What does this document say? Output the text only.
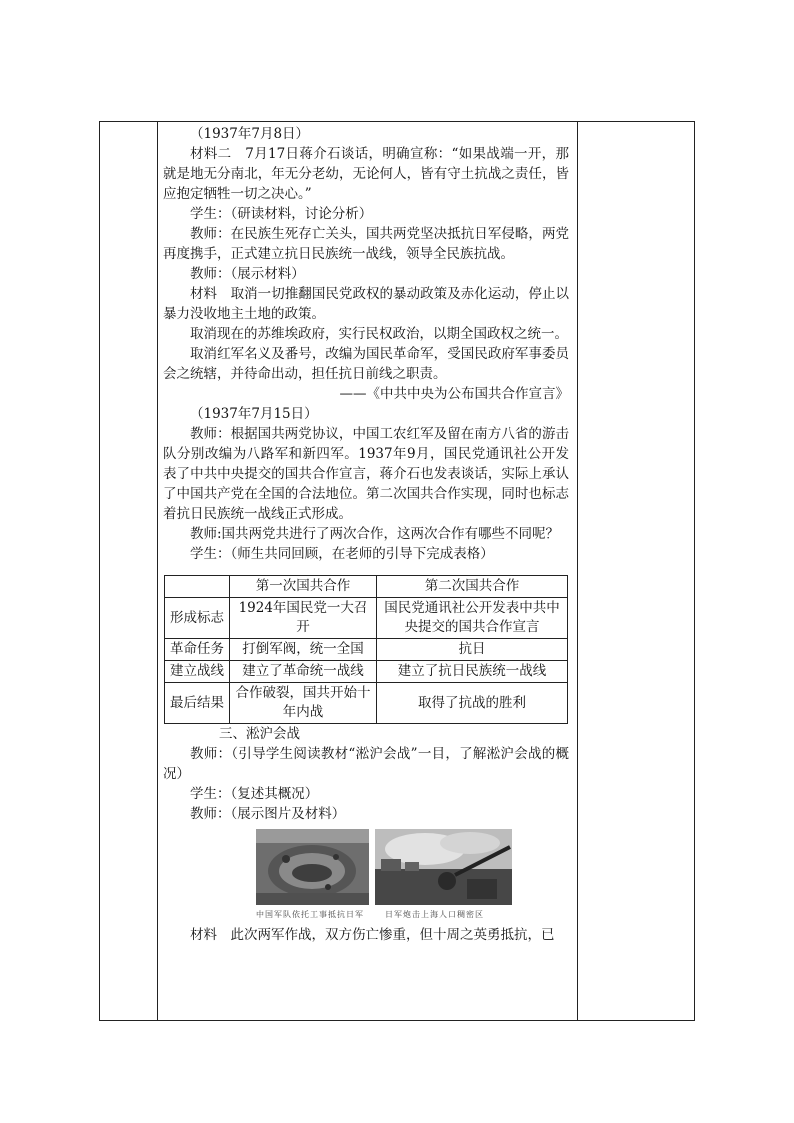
（1937年7月8日）

材料二　7月17日蒋介石谈话，明确宣称：“如果战端一开，那就是地无分南北，年无分老幼，无论何人，皆有守土抗战之责任，皆应抱定牺牲一切之决心。”

学生：（研读材料，讨论分析）

教师：在民族生死存亡关头，国共两党坚决抵抗日军侵略，两党再度携手，正式建立抗日民族统一战线，领导全民族抗战。

教师：（展示材料）

材料　取消一切推翻国民党政权的暴动政策及赤化运动，停止以暴力没收地主土地的政策。

取消现在的苏维埃政府，实行民权政治，以期全国政权之统一。

取消红军名义及番号，改编为国民革命军，受国民政府军事委员会之统辖，并待命出动，担任抗日前线之职责。

——《中共中央为公布国共合作宣言》

（1937年7月15日）

教师：根据国共两党协议，中国工农红军及留在南方八省的游击队分别改编为八路军和新四军。1937年9月，国民党通讯社公开发表了中共中央提交的国共合作宣言，蒋介石也发表谈话，实际上承认了中国共产党在全国的合法地位。第二次国共合作实现，同时也标志着抗日民族统一战线正式形成。

教师:国共两党共进行了两次合作，这两次合作有哪些不同呢？

学生：（师生共同回顾，在老师的引导下完成表格）

	第一次国共合作	第二次国共合作
形成标志	1924年国民党一大召开	国民党通讯社公开发表中共中央提交的国共合作宣言
革命任务	打倒军阀，统一全国	抗日
建立战线	建立了革命统一战线	建立了抗日民族统一战线
最后结果	合作破裂，国共开始十年内战	取得了抗战的胜利

三、淞沪会战

教师：（引导学生阅读教材“淞沪会战”一目，了解淞沪会战的概况）

学生：（复述其概况）

教师：（展示图片及材料）

中国军队依托工事抵抗日军	日军炮击上海人口稠密区

材料　此次两军作战，双方伤亡惨重，但十周之英勇抵抗，已
